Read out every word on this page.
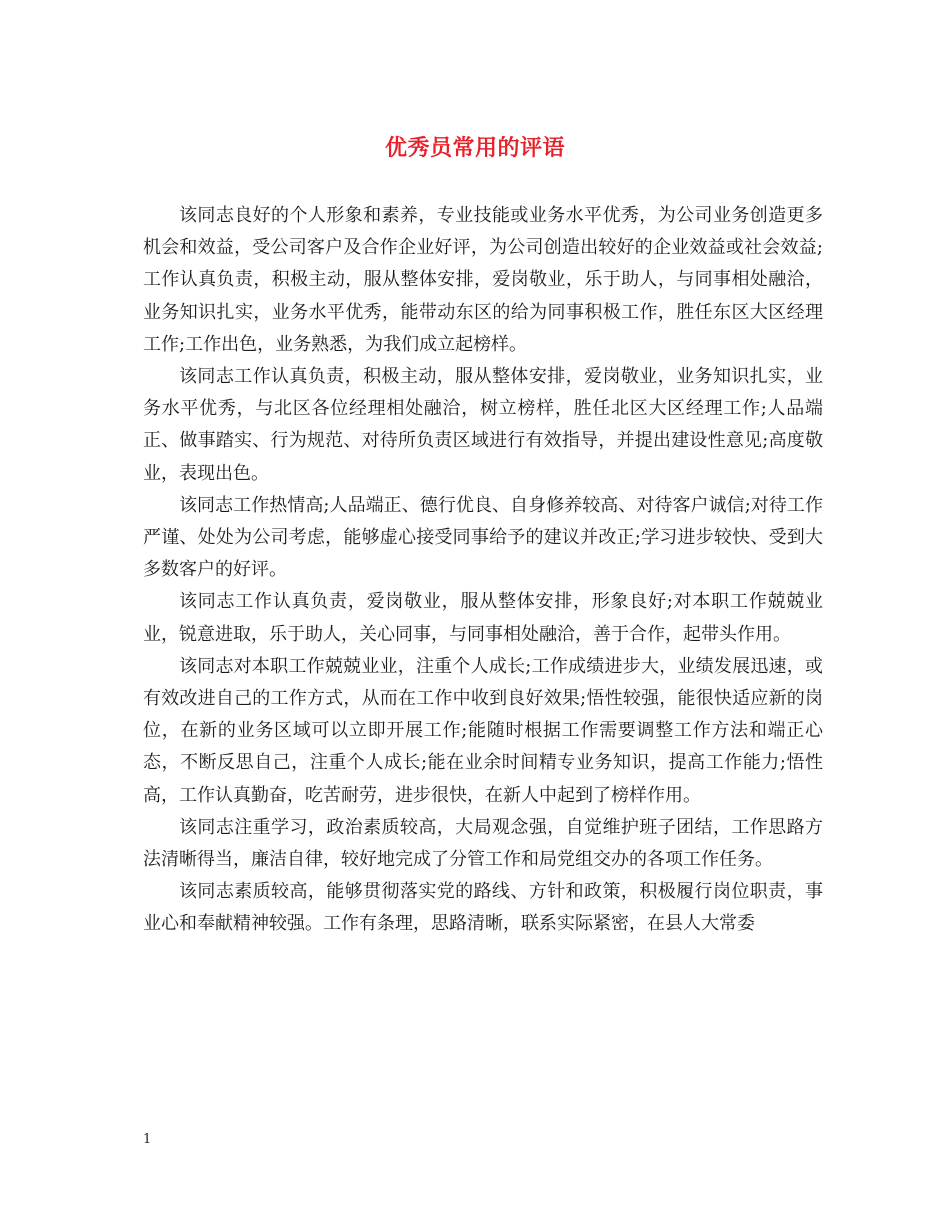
优秀员常用的评语

该同志良好的个人形象和素养，专业技能或业务水平优秀，为公司业务创造更多机会和效益，受公司客户及合作企业好评，为公司创造出较好的企业效益或社会效益;工作认真负责，积极主动，服从整体安排，爱岗敬业，乐于助人，与同事相处融洽，业务知识扎实，业务水平优秀，能带动东区的给为同事积极工作，胜任东区大区经理工作;工作出色，业务熟悉，为我们成立起榜样。

该同志工作认真负责，积极主动，服从整体安排，爱岗敬业，业务知识扎实，业务水平优秀，与北区各位经理相处融洽，树立榜样，胜任北区大区经理工作;人品端正、做事踏实、行为规范、对待所负责区域进行有效指导，并提出建设性意见;高度敬业，表现出色。

该同志工作热情高;人品端正、德行优良、自身修养较高、对待客户诚信;对待工作严谨、处处为公司考虑，能够虚心接受同事给予的建议并改正;学习进步较快、受到大多数客户的好评。

该同志工作认真负责，爱岗敬业，服从整体安排，形象良好;对本职工作兢兢业业，锐意进取，乐于助人，关心同事，与同事相处融洽，善于合作，起带头作用。

该同志对本职工作兢兢业业，注重个人成长;工作成绩进步大，业绩发展迅速，或有效改进自己的工作方式，从而在工作中收到良好效果;悟性较强，能很快适应新的岗位，在新的业务区域可以立即开展工作;能随时根据工作需要调整工作方法和端正心态，不断反思自己，注重个人成长;能在业余时间精专业务知识，提高工作能力;悟性高，工作认真勤奋，吃苦耐劳，进步很快，在新人中起到了榜样作用。

该同志注重学习，政治素质较高，大局观念强，自觉维护班子团结，工作思路方法清晰得当，廉洁自律，较好地完成了分管工作和局党组交办的各项工作任务。

该同志素质较高，能够贯彻落实党的路线、方针和政策，积极履行岗位职责，事业心和奉献精神较强。工作有条理，思路清晰，联系实际紧密，在县人大常委

1
